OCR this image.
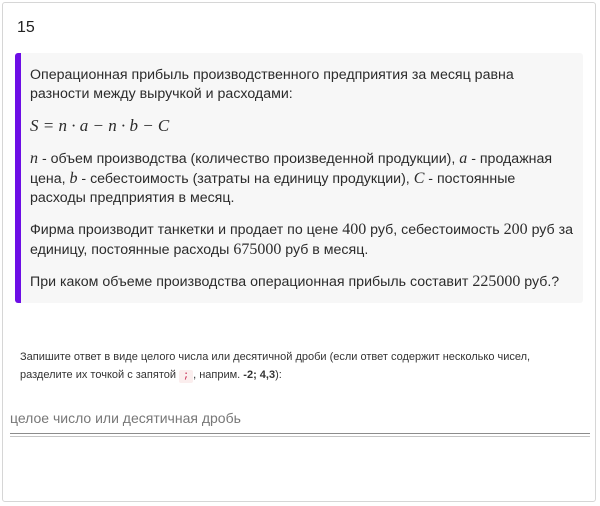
15

Операционная прибыль производственного предприятия за месяц равна разности между выручкой и расходами:

S = n · a − n · b − C

n - объем производства (количество произведенной продукции), a - продажная цена, b - себестоимость (затраты на единицу продукции), C - постоянные расходы предприятия в месяц.

Фирма производит танкетки и продает по цене 400 руб, себестоимость 200 руб за единицу, постоянные расходы 675000 руб в месяц.

При каком объеме производства операционная прибыль составит 225000 руб.?

Запишите ответ в виде целого числа или десятичной дроби (если ответ содержит несколько чисел, разделите их точкой с запятой ; , наприм. -2; 4,3):
целое число или десятичная дробь
